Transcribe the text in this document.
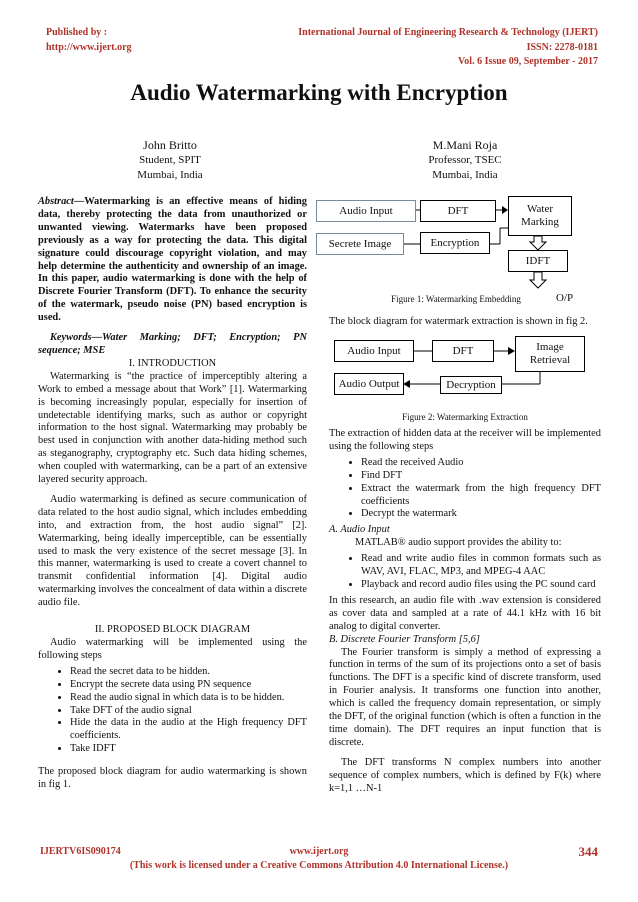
Published by :
http://www.ijert.org
International Journal of Engineering Research & Technology (IJERT)
ISSN: 2278-0181
Vol. 6 Issue 09, September - 2017
Audio Watermarking with Encryption
John Britto
Student, SPIT
Mumbai, India
M.Mani Roja
Professor, TSEC
Mumbai, India

Abstract—Watermarking is an effective means of hiding data, thereby protecting the data from unauthorized or unwanted viewing. Watermarks have been proposed previously as a way for protecting the data. This digital signature could discourage copyright violation, and may help determine the authenticity and ownership of an image. In this paper, audio watermarking is done with the help of Discrete Fourier Transform (DFT). To enhance the security of the watermark, pseudo noise (PN) based encryption is used.

Keywords—Water Marking; DFT; Encryption; PN sequence; MSE

I. INTRODUCTION

Watermarking is “the practice of imperceptibly altering a Work to embed a message about that Work” [1]. Watermarking is becoming increasingly popular, especially for insertion of undetectable identifying marks, such as author or copyright information to the host signal. Watermarking may probably be best used in conjunction with another data-hiding method such as steganography, cryptography etc. Such data hiding schemes, when coupled with watermarking, can be a part of an extensive layered security approach.

Audio watermarking is defined as secure communication of data related to the host audio signal, which includes embedding into, and extraction from, the host audio signal” [2]. Watermarking, being ideally imperceptible, can be essentially used to mask the very existence of the secret message [3]. In this manner, watermarking is used to create a covert channel to transmit confidential information [4]. Digital audio watermarking involves the concealment of data within a discrete audio file.

II. PROPOSED BLOCK DIAGRAM

Audio watermarking will be implemented using the following steps

• Read the secret data to be hidden.
• Encrypt the secrete data using PN sequence
• Read the audio signal in which data is to be hidden.
• Take DFT of the audio signal
• Hide the data in the audio at the High frequency DFT coefficients.
• Take IDFT

The proposed block diagram for audio watermarking is shown in fig 1.

Audio Input	DFT	Water Marking
Secrete Image	Encryption
IDFT
O/P
Figure 1: Watermarking Embedding

The block diagram for watermark extraction is shown in fig 2.

Audio Input	DFT	Image Retrieval
Audio Output	Decryption
Figure 2: Watermarking Extraction

The extraction of hidden data at the receiver will be implemented using the following steps

• Read the received Audio
• Find DFT
• Extract the watermark from the high frequency DFT coefficients
• Decrypt the watermark

A. Audio Input

MATLAB® audio support provides the ability to:

• Read and write audio files in common formats such as WAV, AVI, FLAC, MP3, and MPEG-4 AAC
• Playback and record audio files using the PC sound card

In this research, an audio file with .wav extension is considered as cover data and sampled at a rate of 44.1 kHz with 16 bit analog to digital converter.

B. Discrete Fourier Transform [5,6]

The Fourier transform is simply a method of expressing a function in terms of the sum of its projections onto a set of basis functions. The DFT is a specific kind of discrete transform, used in Fourier analysis. It transforms one function into another, which is called the frequency domain representation, or simply the DFT, of the original function (which is often a function in the time domain). The DFT requires an input function that is discrete.

The DFT transforms N complex numbers into another sequence of complex numbers, which is defined by F(k) where k=1,1 …N-1

IJERTV6IS090174	www.ijert.org
(This work is licensed under a Creative Commons Attribution 4.0 International License.)
344
